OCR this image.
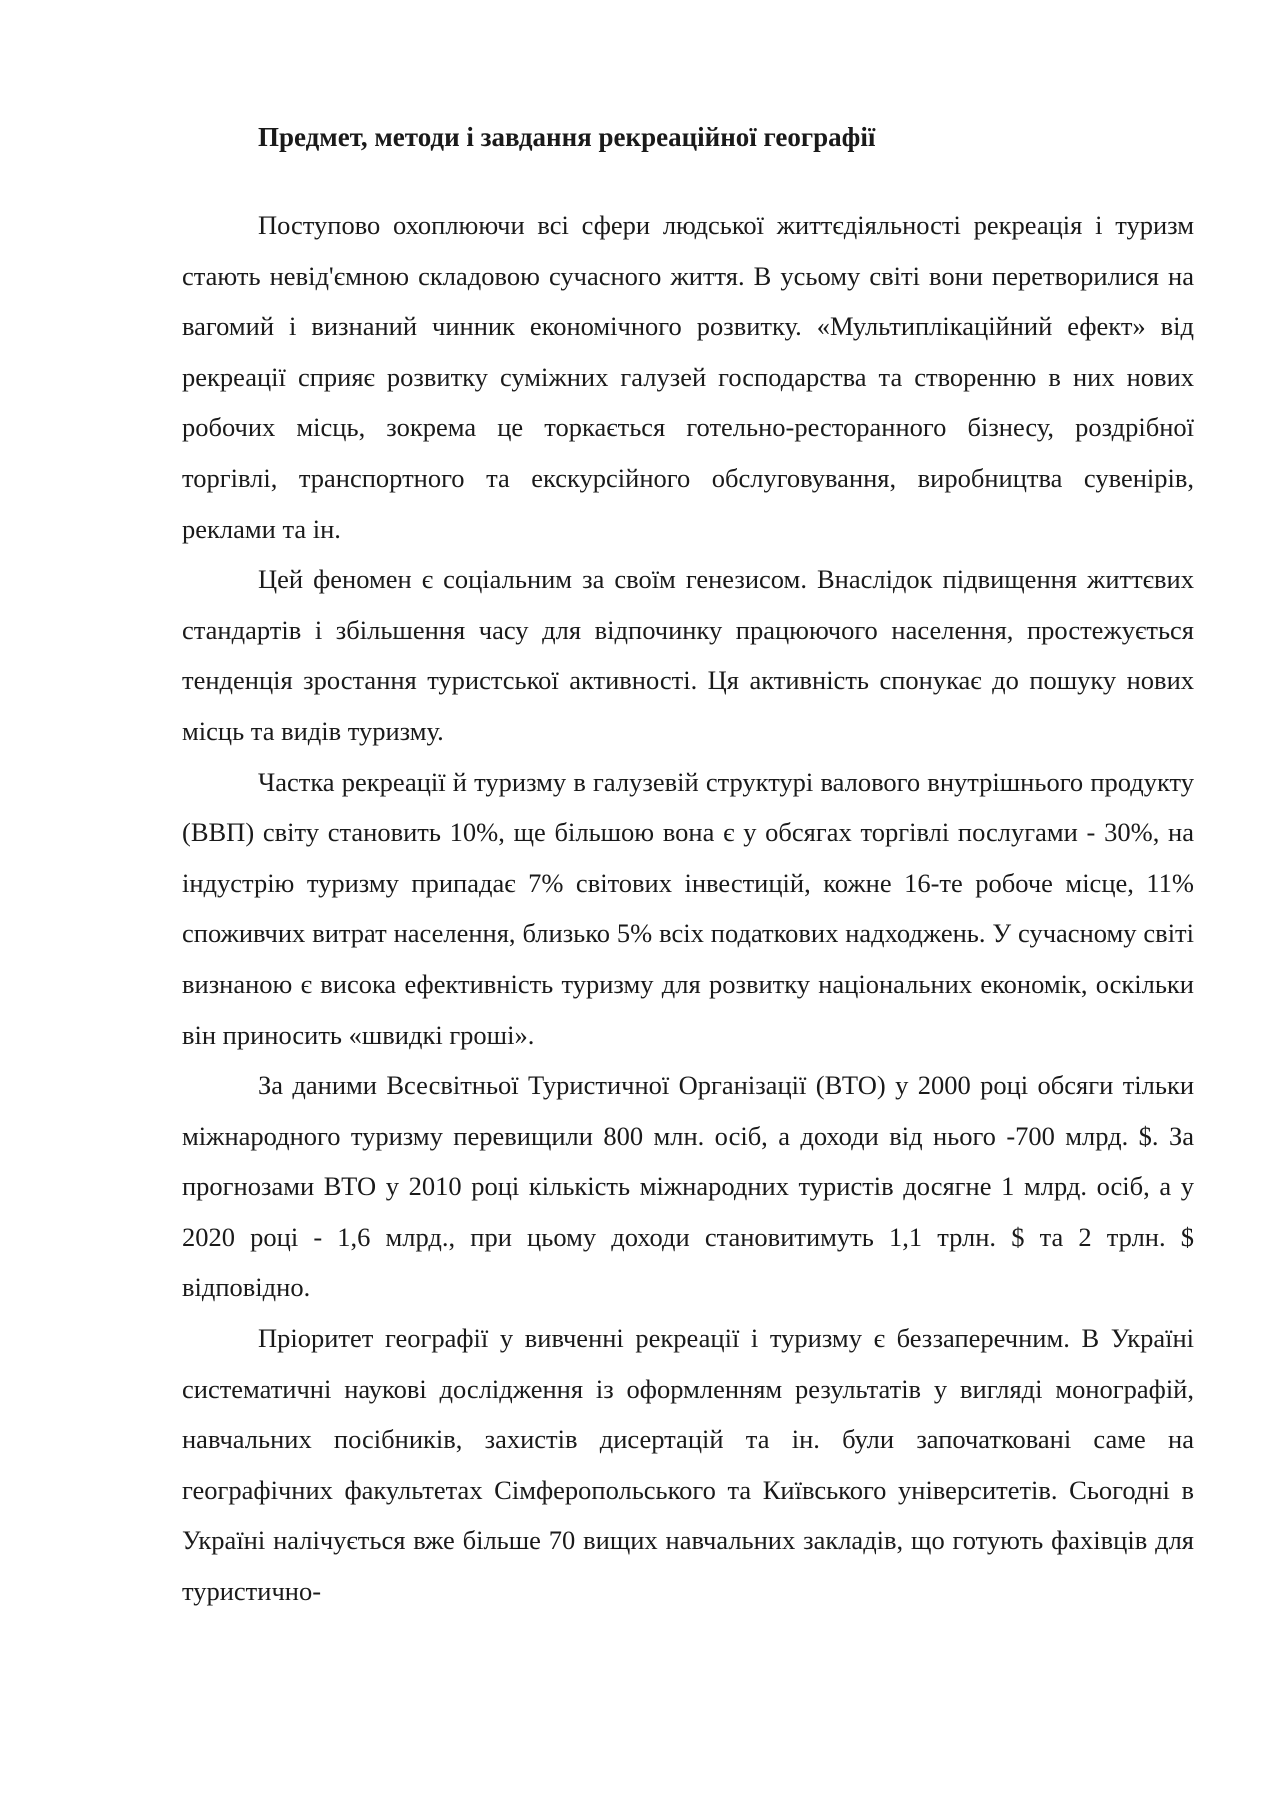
Предмет, методи і завдання рекреаційної географії

Поступово охоплюючи всі сфери людської життєдіяльності рекреація і туризм стають невід'ємною складовою сучасного життя. В усьому світі вони перетворилися на вагомий і визнаний чинник економічного розвитку. «Мультиплікаційний ефект» від рекреації сприяє розвитку суміжних галузей господарства та створенню в них нових робочих місць, зокрема це торкається готельно-ресторанного бізнесу, роздрібної торгівлі, транспортного та екскурсійного обслуговування, виробництва сувенірів, реклами та ін.

Цей феномен є соціальним за своїм генезисом. Внаслідок підвищення життєвих стандартів і збільшення часу для відпочинку працюючого населення, простежується тенденція зростання туристської активності. Ця активність спонукає до пошуку нових місць та видів туризму.

Частка рекреації й туризму в галузевій структурі валового внутрішнього продукту (ВВП) світу становить 10%, ще більшою вона є у обсягах торгівлі послугами - 30%, на індустрію туризму припадає 7% світових інвестицій, кожне 16-те робоче місце, 11% споживчих витрат населення, близько 5% всіх податкових надходжень. У сучасному світі визнаною є висока ефективність туризму для розвитку національних економік, оскільки він приносить «швидкі гроші».

За даними Всесвітньої Туристичної Організації (ВТО) у 2000 році обсяги тільки міжнародного туризму перевищили 800 млн. осіб, а доходи від нього -700 млрд. $. За прогнозами ВТО у 2010 році кількість міжнародних туристів досягне 1 млрд. осіб, а у 2020 році - 1,6 млрд., при цьому доходи становитимуть 1,1 трлн. $ та 2 трлн. $ відповідно.

Пріоритет географії у вивченні рекреації і туризму є беззаперечним. В Україні систематичні наукові дослідження із оформленням результатів у вигляді монографій, навчальних посібників, захистів дисертацій та ін. були започатковані саме на географічних факультетах Сімферопольського та Київського університетів. Сьогодні в Україні налічується вже більше 70 вищих навчальних закладів, що готують фахівців для туристично-
